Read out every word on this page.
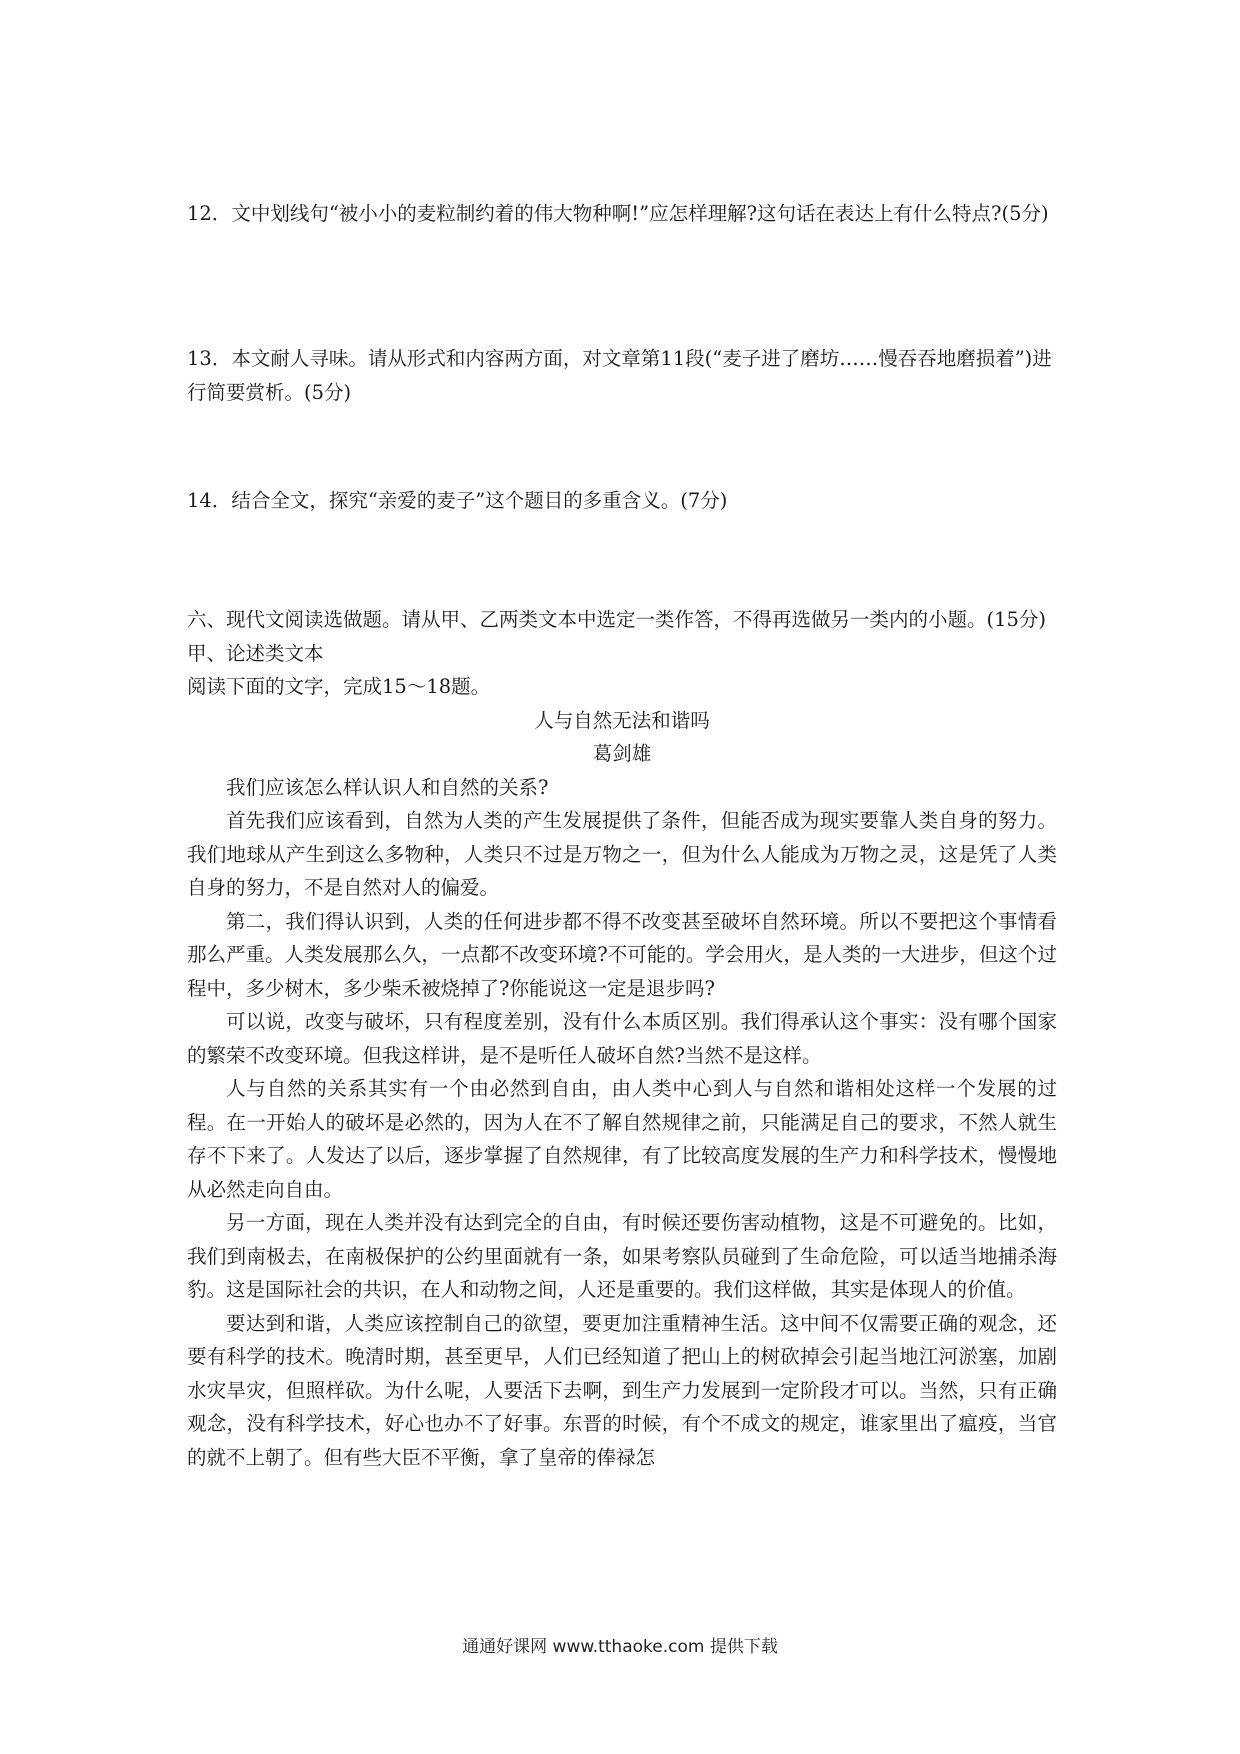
12．文中划线句“被小小的麦粒制约着的伟大物种啊!”应怎样理解?这句话在表达上有什么特点?(5分)

13．本文耐人寻味。请从形式和内容两方面，对文章第11段(“麦子进了磨坊……慢吞吞地磨损着”)进行简要赏析。(5分)

14．结合全文，探究“亲爱的麦子”这个题目的多重含义。(7分)

六、现代文阅读选做题。请从甲、乙两类文本中选定一类作答，不得再选做另一类内的小题。(15分)

甲、论述类文本

阅读下面的文字，完成15～18题。

人与自然无法和谐吗

葛剑雄

我们应该怎么样认识人和自然的关系?

首先我们应该看到，自然为人类的产生发展提供了条件，但能否成为现实要靠人类自身的努力。我们地球从产生到这么多物种，人类只不过是万物之一，但为什么人能成为万物之灵，这是凭了人类自身的努力，不是自然对人的偏爱。

第二，我们得认识到，人类的任何进步都不得不改变甚至破坏自然环境。所以不要把这个事情看那么严重。人类发展那么久，一点都不改变环境?不可能的。学会用火，是人类的一大进步，但这个过程中，多少树木，多少柴禾被烧掉了?你能说这一定是退步吗?

可以说，改变与破坏，只有程度差别，没有什么本质区别。我们得承认这个事实：没有哪个国家的繁荣不改变环境。但我这样讲，是不是听任人破坏自然?当然不是这样。

人与自然的关系其实有一个由必然到自由，由人类中心到人与自然和谐相处这样一个发展的过程。在一开始人的破坏是必然的，因为人在不了解自然规律之前，只能满足自己的要求，不然人就生存不下来了。人发达了以后，逐步掌握了自然规律，有了比较高度发展的生产力和科学技术，慢慢地从必然走向自由。

另一方面，现在人类并没有达到完全的自由，有时候还要伤害动植物，这是不可避免的。比如，我们到南极去，在南极保护的公约里面就有一条，如果考察队员碰到了生命危险，可以适当地捕杀海豹。这是国际社会的共识，在人和动物之间，人还是重要的。我们这样做，其实是体现人的价值。

要达到和谐，人类应该控制自己的欲望，要更加注重精神生活。这中间不仅需要正确的观念，还要有科学的技术。晚清时期，甚至更早，人们已经知道了把山上的树砍掉会引起当地江河淤塞，加剧水灾旱灾，但照样砍。为什么呢，人要活下去啊，到生产力发展到一定阶段才可以。当然，只有正确观念，没有科学技术，好心也办不了好事。东晋的时候，有个不成文的规定，谁家里出了瘟疫，当官的就不上朝了。但有些大臣不平衡，拿了皇帝的俸禄怎

通通好课网 www.tthaoke.com 提供下载
